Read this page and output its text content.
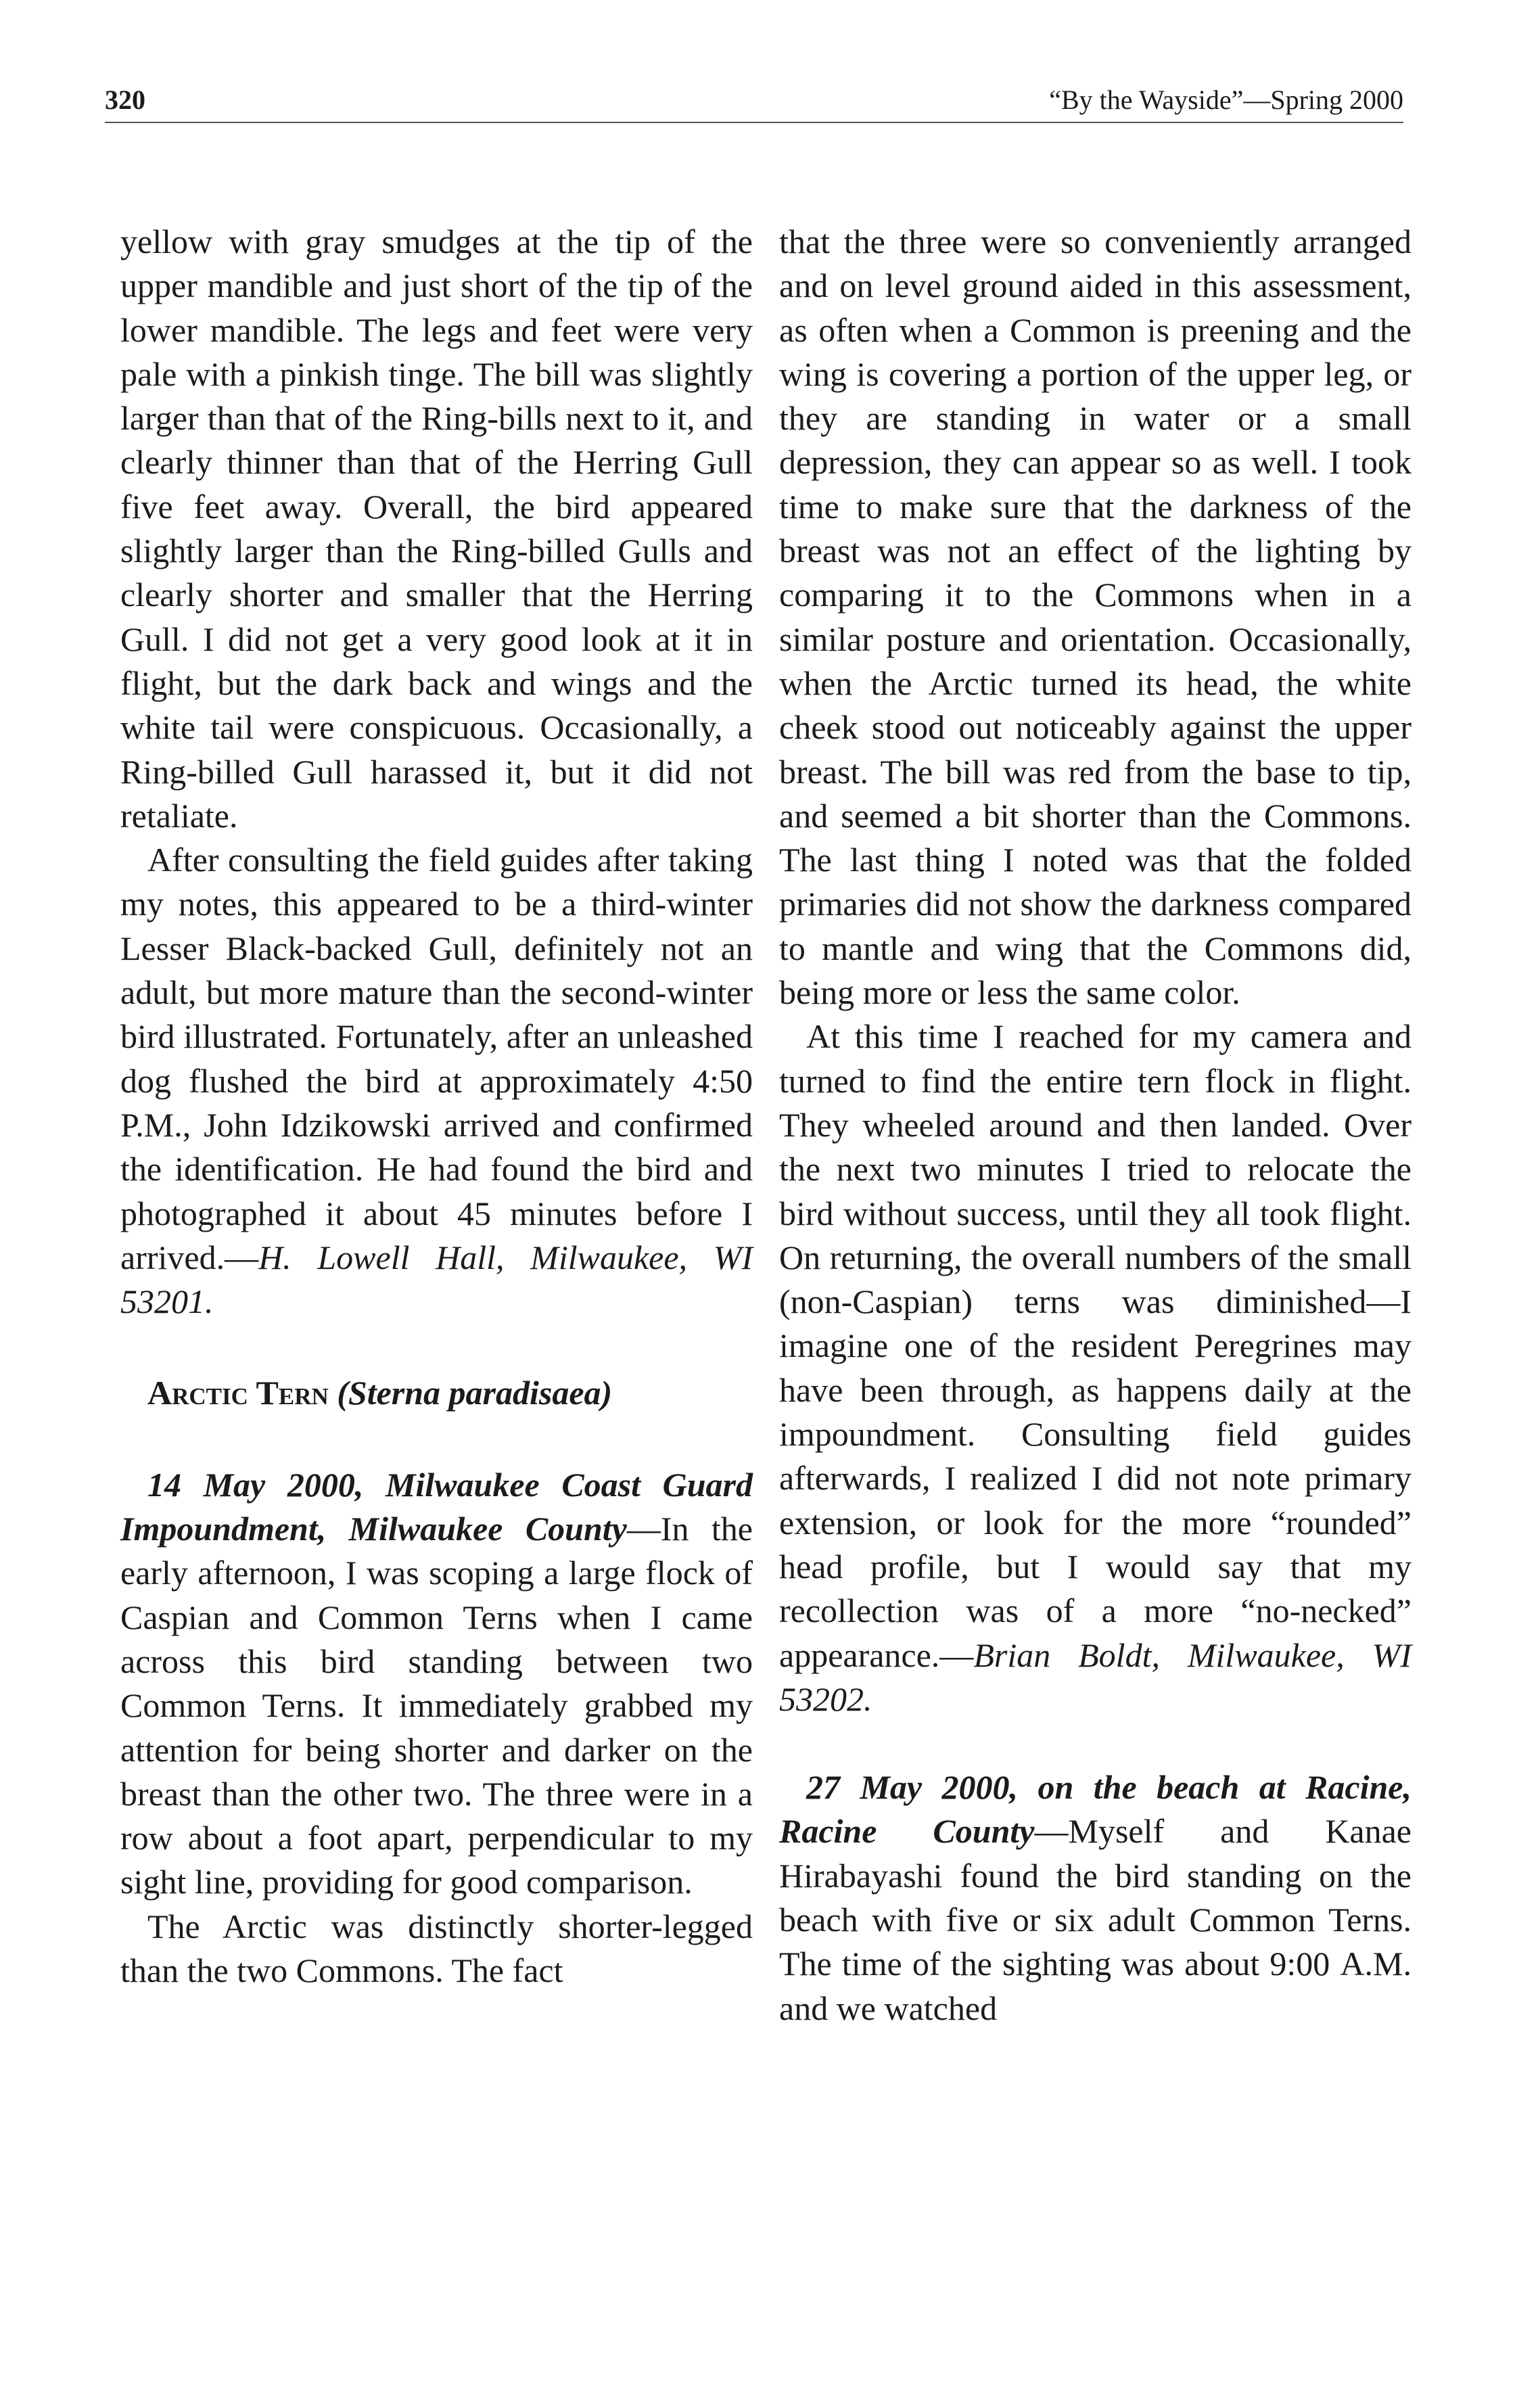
320	“By the Wayside”—Spring 2000

yellow with gray smudges at the tip of the upper mandible and just short of the tip of the lower mandible. The legs and feet were very pale with a pinkish tinge. The bill was slightly larger than that of the Ring-bills next to it, and clearly thinner than that of the Herring Gull five feet away. Overall, the bird appeared slightly larger than the Ring-billed Gulls and clearly shorter and smaller that the Herring Gull. I did not get a very good look at it in flight, but the dark back and wings and the white tail were conspicuous. Occasionally, a Ring-billed Gull harassed it, but it did not retaliate.

After consulting the field guides after taking my notes, this appeared to be a third-winter Lesser Black-backed Gull, definitely not an adult, but more mature than the second-winter bird illustrated. Fortunately, after an unleashed dog flushed the bird at approximately 4:50 P.M., John Idzikowski arrived and confirmed the identification. He had found the bird and photographed it about 45 minutes before I arrived.—H. Lowell Hall, Milwaukee, WI 53201.

Arctic Tern (Sterna paradisaea)

14 May 2000, Milwaukee Coast Guard Impoundment, Milwaukee County—In the early afternoon, I was scoping a large flock of Caspian and Common Terns when I came across this bird standing between two Common Terns. It immediately grabbed my attention for being shorter and darker on the breast than the other two. The three were in a row about a foot apart, perpendicular to my sight line, providing for good comparison.

The Arctic was distinctly shorter-legged than the two Commons. The fact

that the three were so conveniently arranged and on level ground aided in this assessment, as often when a Common is preening and the wing is covering a portion of the upper leg, or they are standing in water or a small depression, they can appear so as well. I took time to make sure that the darkness of the breast was not an effect of the lighting by comparing it to the Commons when in a similar posture and orientation. Occasionally, when the Arctic turned its head, the white cheek stood out noticeably against the upper breast. The bill was red from the base to tip, and seemed a bit shorter than the Commons. The last thing I noted was that the folded primaries did not show the darkness compared to mantle and wing that the Commons did, being more or less the same color.

At this time I reached for my camera and turned to find the entire tern flock in flight. They wheeled around and then landed. Over the next two minutes I tried to relocate the bird without success, until they all took flight. On returning, the overall numbers of the small (non-Caspian) terns was diminished—I imagine one of the resident Peregrines may have been through, as happens daily at the impoundment. Consulting field guides afterwards, I realized I did not note primary extension, or look for the more “rounded” head profile, but I would say that my recollection was of a more “no-necked” appearance.—Brian Boldt, Milwaukee, WI 53202.

27 May 2000, on the beach at Racine, Racine County—Myself and Kanae Hirabayashi found the bird standing on the beach with five or six adult Common Terns. The time of the sighting was about 9:00 A.M. and we watched
